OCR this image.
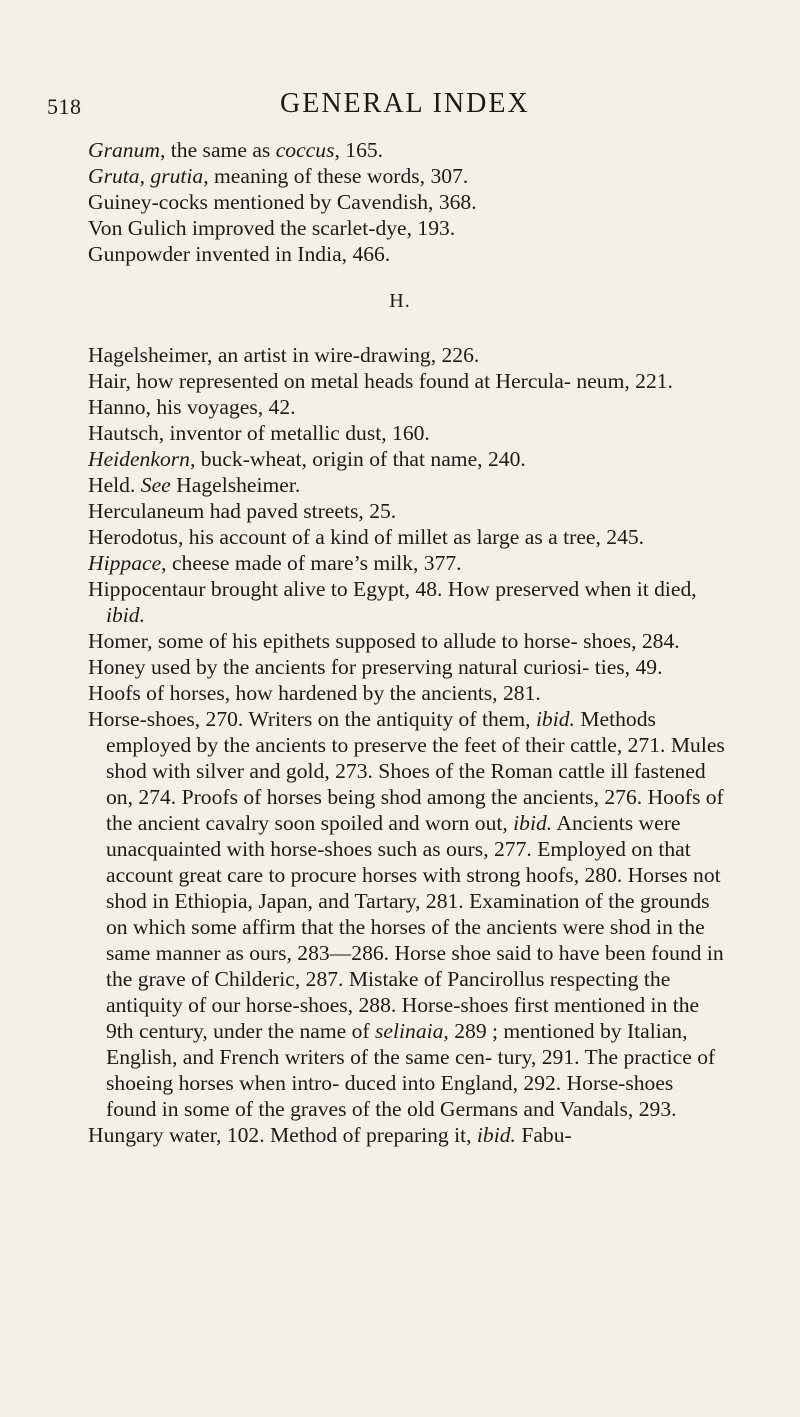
518	GENERAL INDEX
Granum, the same as coccus, 165.
Gruta, grutia, meaning of these words, 307.
Guiney-cocks mentioned by Cavendish, 368.
Von Gulich improved the scarlet-dye, 193.
Gunpowder invented in India, 466.
H.
Hagelsheimer, an artist in wire-drawing, 226.
Hair, how represented on metal heads found at Hercula- neum, 221.
Hanno, his voyages, 42.
Hautsch, inventor of metallic dust, 160.
Heidenkorn, buck-wheat, origin of that name, 240.
Held. See Hagelsheimer.
Herculaneum had paved streets, 25.
Herodotus, his account of a kind of millet as large as a tree, 245.
Hippace, cheese made of mare’s milk, 377.
Hippocentaur brought alive to Egypt, 48. How preserved when it died, ibid.
Homer, some of his epithets supposed to allude to horse- shoes, 284.
Honey used by the ancients for preserving natural curiosi- ties, 49.
Hoofs of horses, how hardened by the ancients, 281.
Horse-shoes, 270. Writers on the antiquity of them, ibid. Methods employed by the ancients to preserve the feet of their cattle, 271. Mules shod with silver and gold, 273. Shoes of the Roman cattle ill fastened on, 274. Proofs of horses being shod among the ancients, 276. Hoofs of the ancient cavalry soon spoiled and worn out, ibid. Ancients were unacquainted with horse-shoes such as ours, 277. Employed on that account great care to procure horses with strong hoofs, 280. Horses not shod in Ethiopia, Japan, and Tartary, 281. Examination of the grounds on which some affirm that the horses of the ancients were shod in the same manner as ours, 283—286. Horse shoe said to have been found in the grave of Childeric, 287. Mistake of Pancirollus respecting the antiquity of our horse-shoes, 288. Horse-shoes first mentioned in the 9th century, under the name of selinaia, 289 ; mentioned by Italian, English, and French writers of the same cen- tury, 291. The practice of shoeing horses when intro- duced into England, 292. Horse-shoes found in some of the graves of the old Germans and Vandals, 293.
Hungary water, 102. Method of preparing it, ibid. Fabu-
